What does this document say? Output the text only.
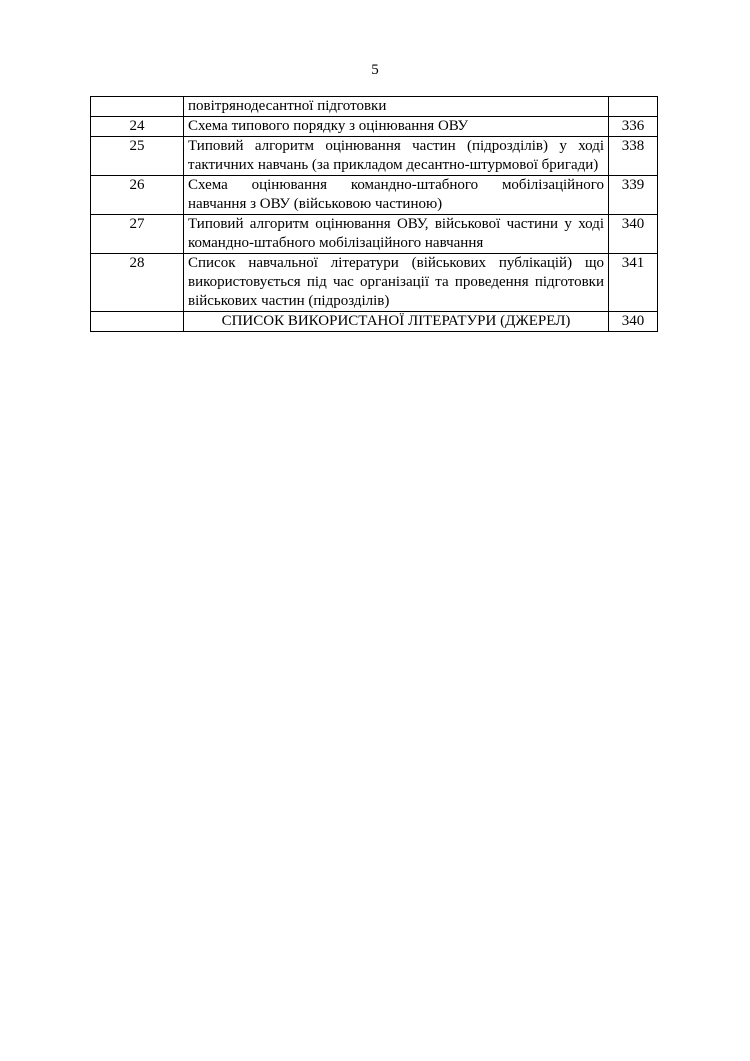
5
	повітрянодесантної підготовки	
24	Схема типового порядку з оцінювання ОВУ	336
25	Типовий алгоритм оцінювання частин (підрозділів) у ході тактичних навчань (за прикладом десантно-штурмової бригади)	338
26	Схема оцінювання командно-штабного мобілізаційного навчання з ОВУ (військовою частиною)	339
27	Типовий алгоритм оцінювання ОВУ, військової частини у ході командно-штабного мобілізаційного навчання	340
28	Список навчальної літератури (військових публікацій) що використовується під час організації та проведення підготовки військових частин (підрозділів)	341
	СПИСОК ВИКОРИСТАНОЇ ЛІТЕРАТУРИ (ДЖЕРЕЛ)	340
